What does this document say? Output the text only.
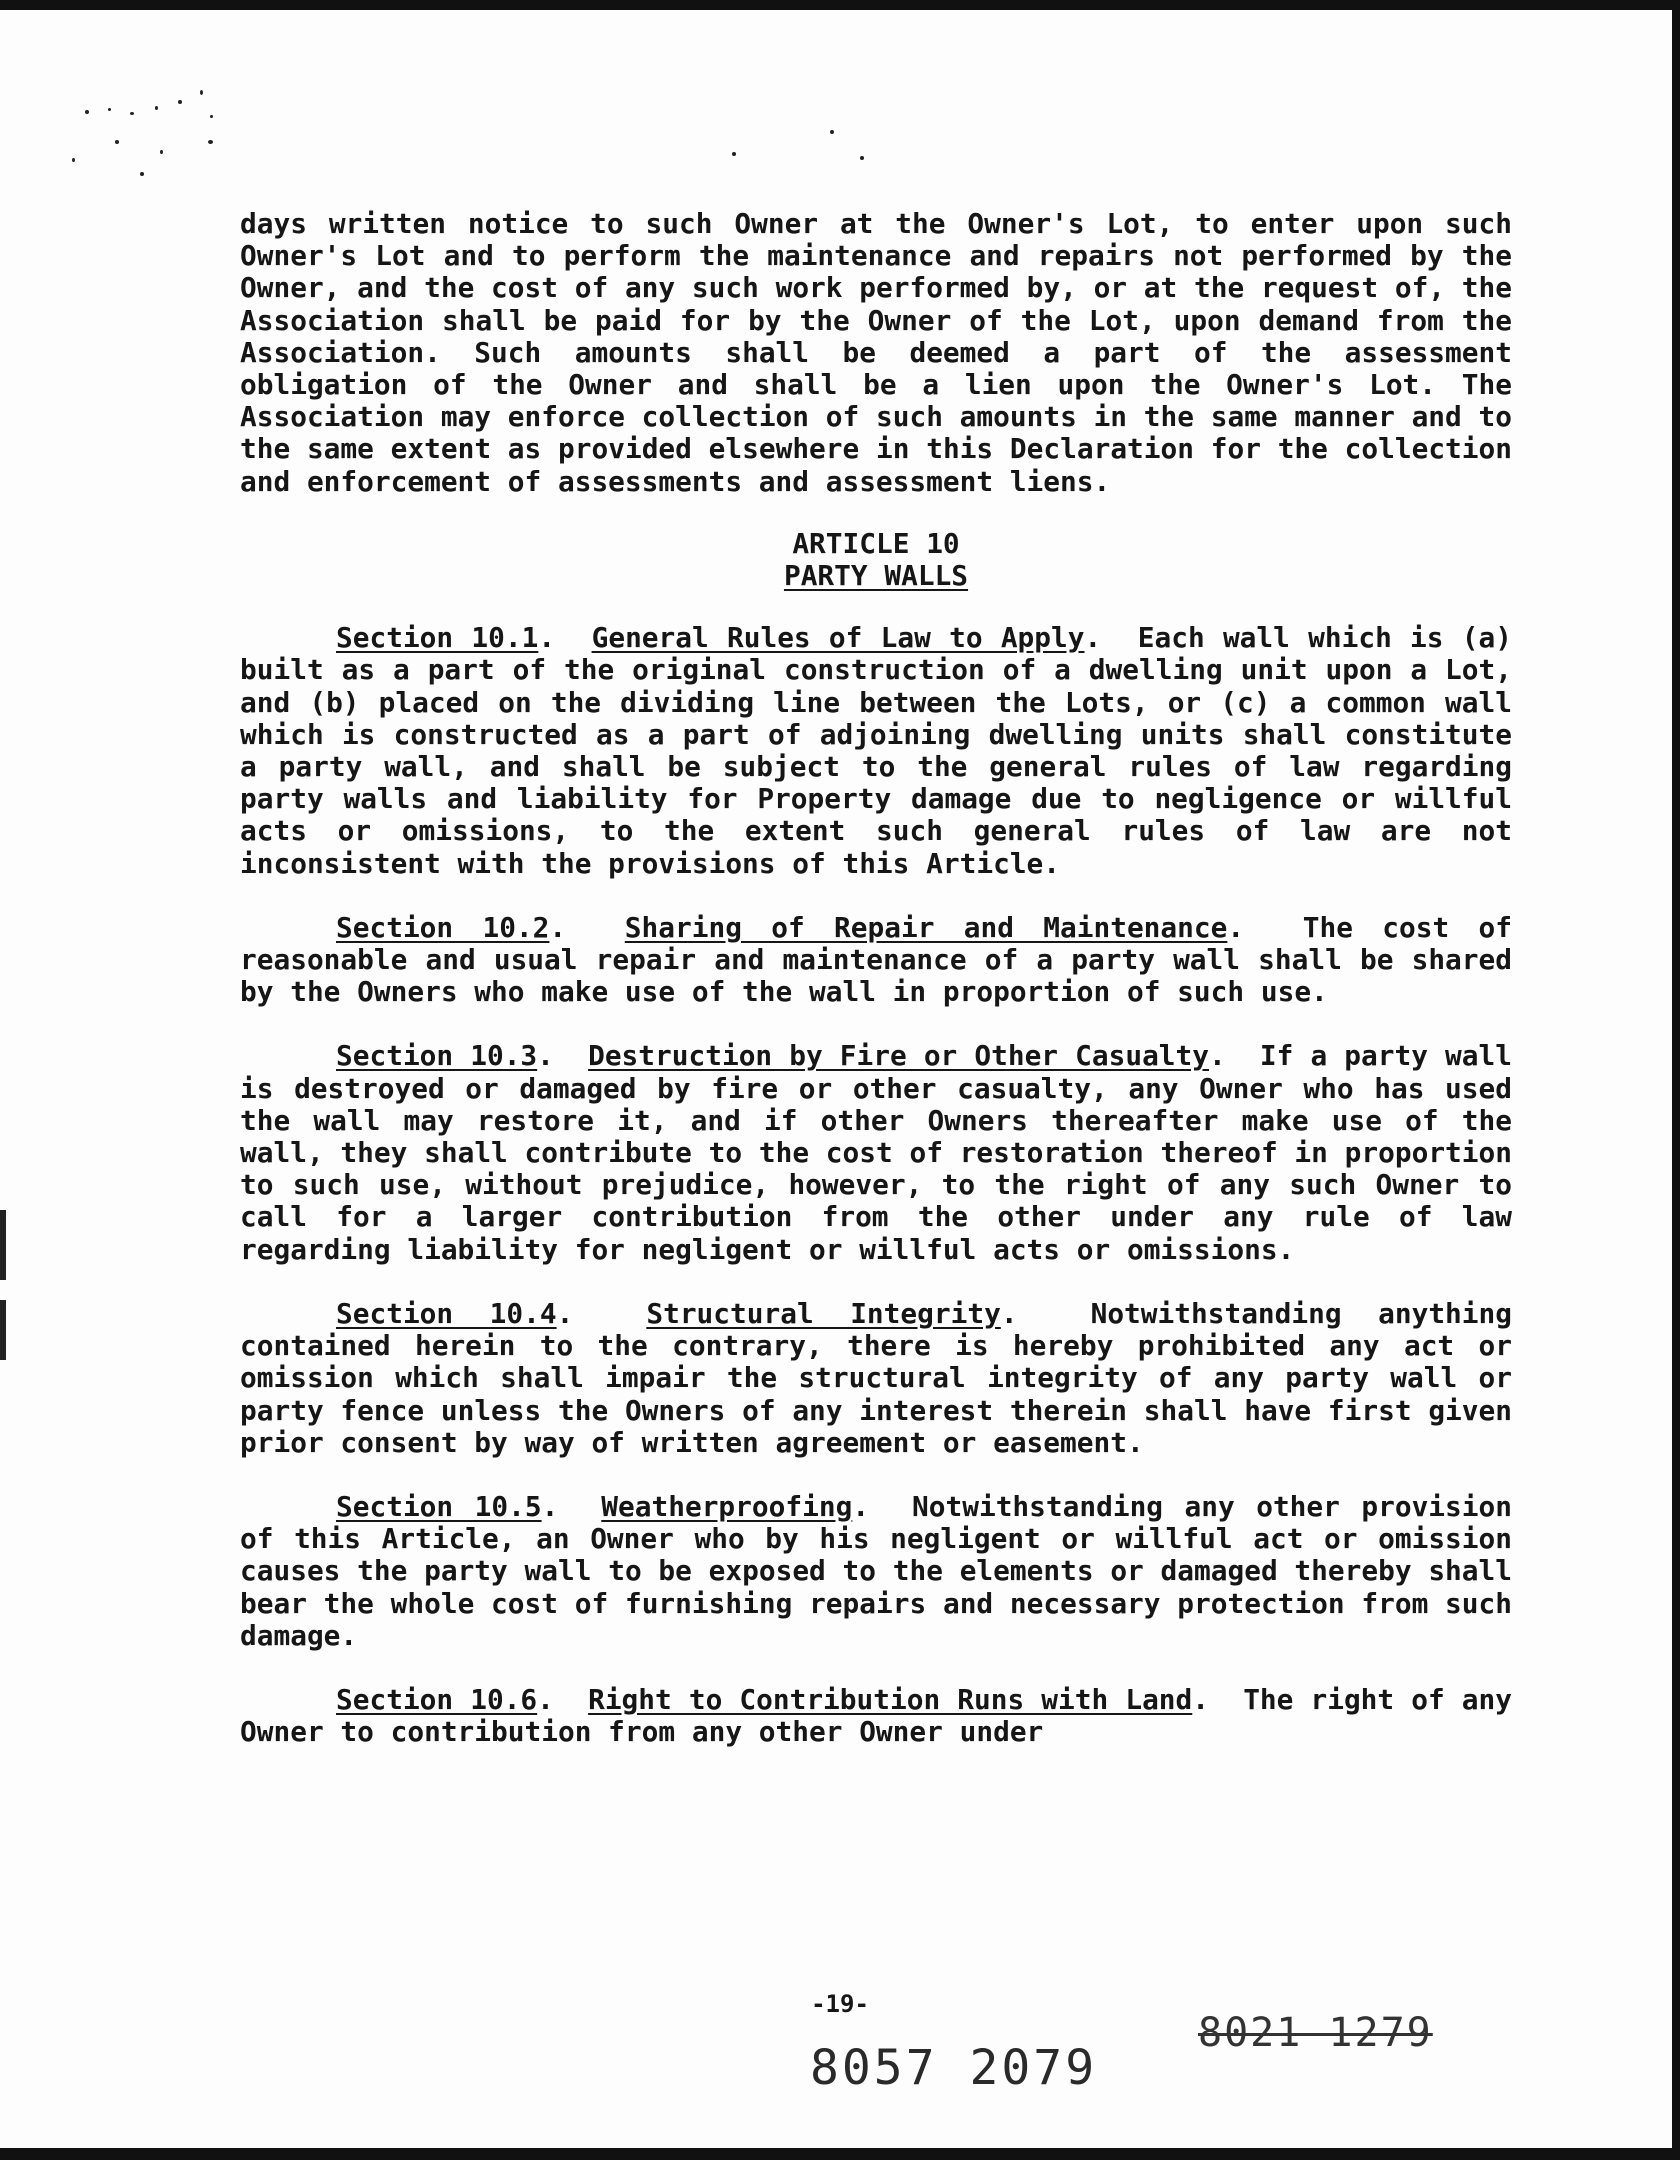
days written notice to such Owner at the Owner's Lot, to enter upon such Owner's Lot and to perform the maintenance and repairs not performed by the Owner, and the cost of any such work performed by, or at the request of, the Association shall be paid for by the Owner of the Lot, upon demand from the Association. Such amounts shall be deemed a part of the assessment obligation of the Owner and shall be a lien upon the Owner's Lot. The Association may enforce collection of such amounts in the same manner and to the same extent as provided elsewhere in this Declaration for the collection and enforcement of assessments and assessment liens.

ARTICLE 10
PARTY WALLS

Section 10.1.  General Rules of Law to Apply.  Each wall which is (a) built as a part of the original construction of a dwelling unit upon a Lot, and (b) placed on the dividing line between the Lots, or (c) a common wall which is constructed as a part of adjoining dwelling units shall constitute a party wall, and shall be subject to the general rules of law regarding party walls and liability for Property damage due to negligence or willful acts or omissions, to the extent such general rules of law are not inconsistent with the provisions of this Article.

Section 10.2.  Sharing of Repair and Maintenance.  The cost of reasonable and usual repair and maintenance of a party wall shall be shared by the Owners who make use of the wall in proportion of such use.

Section 10.3.  Destruction by Fire or Other Casualty.  If a party wall is destroyed or damaged by fire or other casualty, any Owner who has used the wall may restore it, and if other Owners thereafter make use of the wall, they shall contribute to the cost of restoration thereof in proportion to such use, without prejudice, however, to the right of any such Owner to call for a larger contribution from the other under any rule of law regarding liability for negligent or willful acts or omissions.

Section 10.4.  Structural Integrity.  Notwithstanding anything contained herein to the contrary, there is hereby prohibited any act or omission which shall impair the structural integrity of any party wall or party fence unless the Owners of any interest therein shall have first given prior consent by way of written agreement or easement.

Section 10.5.  Weatherproofing.  Notwithstanding any other provision of this Article, an Owner who by his negligent or willful act or omission causes the party wall to be exposed to the elements or damaged thereby shall bear the whole cost of furnishing repairs and necessary protection from such damage.

Section 10.6.  Right to Contribution Runs with Land.  The right of any Owner to contribution from any other Owner under

-19-
8057 2079
8021 1279
